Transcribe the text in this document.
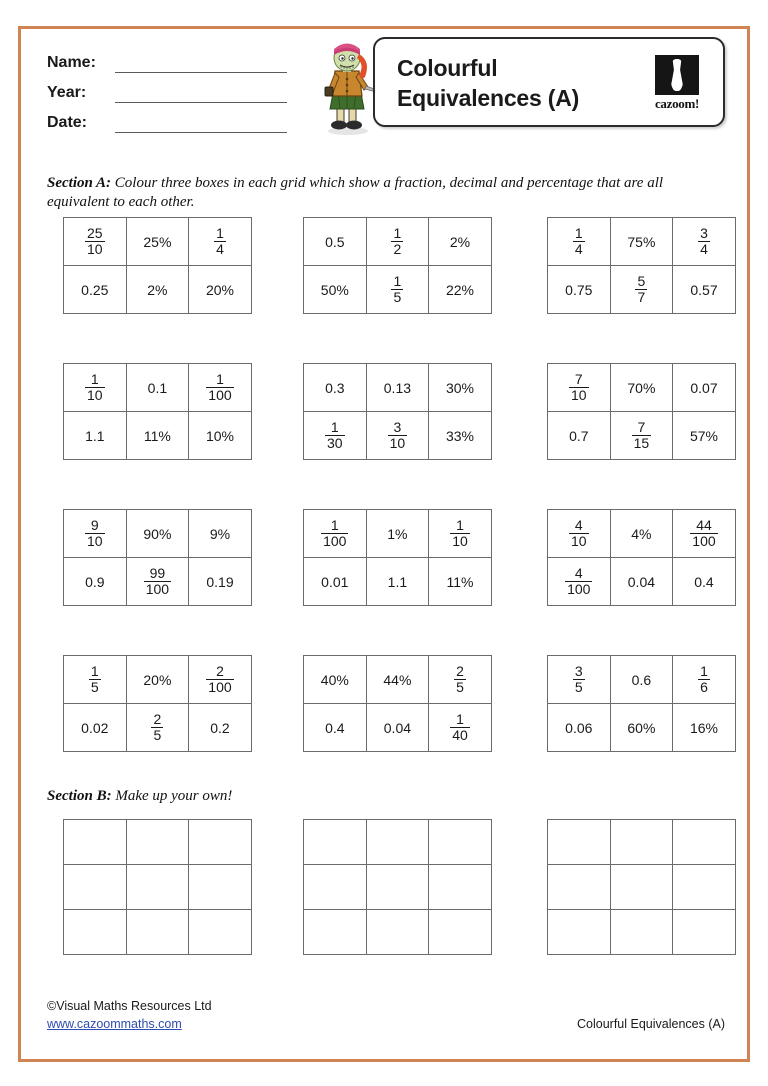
Name:
Year:
Date:
Colourful Equivalences (A)	cazoom!
Section A: Colour three boxes in each grid which show a fraction, decimal and percentage that are all equivalent to each other.
$\frac{25}{10}$	25%	$\frac{1}{4}$

0.25	2%	20%
0.5	$\frac{1}{2}$	2%
50%	$\frac{1}{5}$	22%
$\frac{1}{4}$	75%	$\frac{3}{4}$

0.75	$\frac{5}{7}$	0.57
$\frac{1}{10}$	0.1	$\frac{1}{100}$

1.1	11%	10%
0.3	0.13	30%

$\frac{1}{30}$	$\frac{3}{10}$	33%
$\frac{7}{10}$	70%	0.07
0.7	$\frac{7}{15}$	57%
$\frac{9}{10}$	90%	9%
0.9	$\frac{99}{100}$	0.19
$\frac{1}{100}$	1%	$\frac{1}{10}$

0.01	1.1	11%
$\frac{4}{10}$	4%	$\frac{44}{100}$

$\frac{4}{100}$	0.04	0.4
$\frac{1}{5}$	20%	$\frac{2}{100}$

0.02	$\frac{2}{5}$	0.2
40%	44%	$\frac{2}{5}$

0.4	0.04	$\frac{1}{40}$
$\frac{3}{5}$	0.6	$\frac{1}{6}$

0.06	60%	16%
Section B: Make up your own!

©Visual Maths Resources Ltd
www.cazoommaths.com	Colourful Equivalences (A)
